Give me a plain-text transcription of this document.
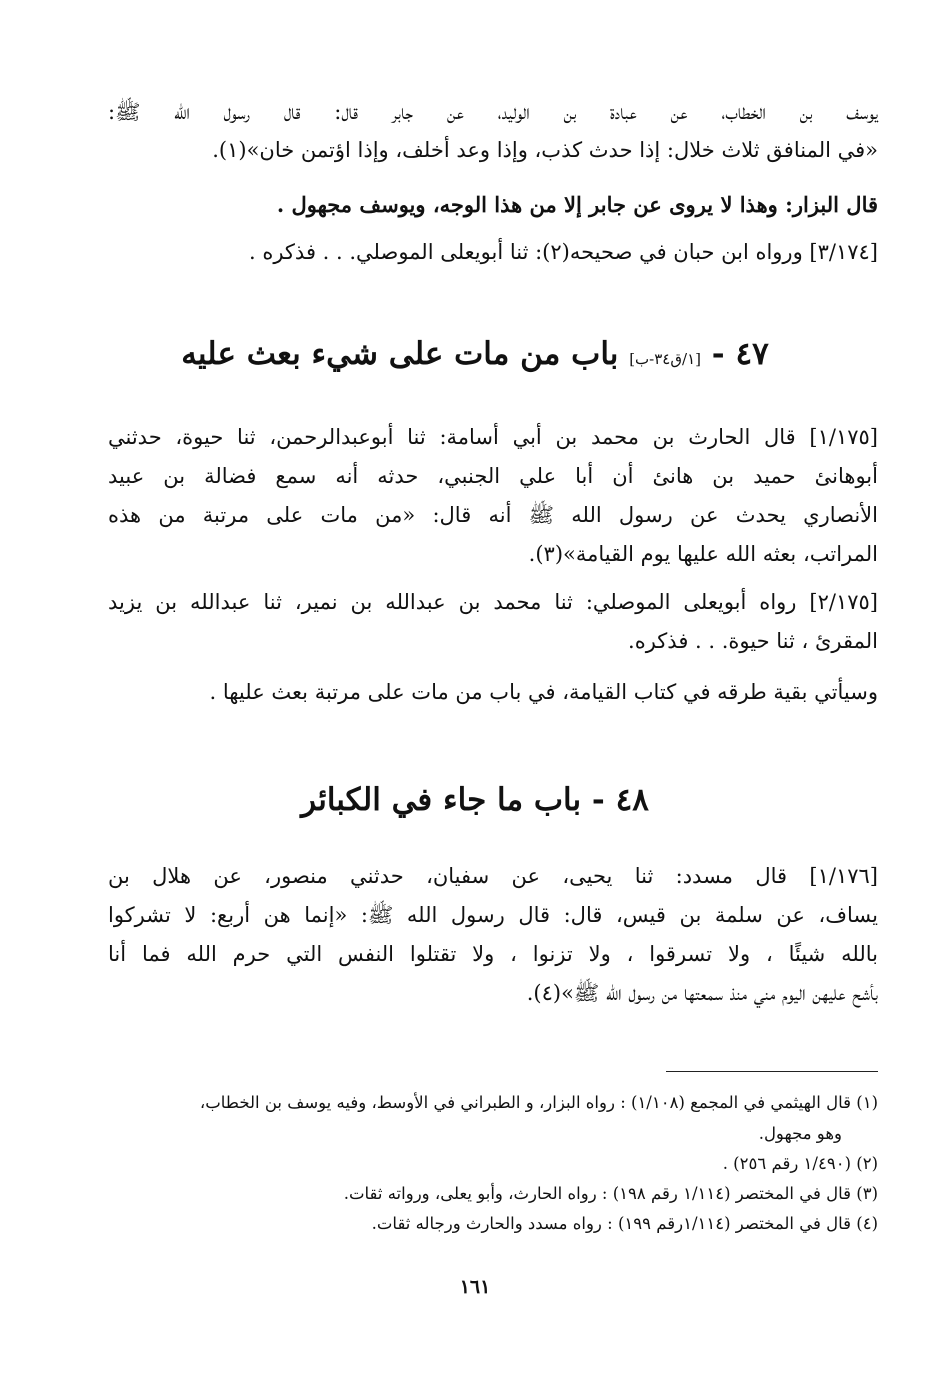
يوسف بن الخطاب، عن عبادة بن الوليد، عن جابر قال: قال رسول الله ﷺ:
«في المنافق ثلاث خلال: إذا حدث كذب، وإذا وعد أخلف، وإذا اؤتمن خان»(١).
قال البزار: وهذا لا يروى عن جابر إلا من هذا الوجه، ويوسف مجهول .
[٣/١٧٤] ورواه ابن حبان في صحيحه(٢): ثنا أبويعلى الموصلي. . . فذكره .
٤٧ - [١/ق٣٤-ب] باب من مات على شيء بعث عليه
[١/١٧٥] قال الحارث بن محمد بن أبي أسامة: ثنا أبوعبدالرحمن، ثنا حيوة، حدثني
أبوهانئ حميد بن هانئ أن أبا علي الجنبي، حدثه أنه سمع فضالة بن عبيد
الأنصاري يحدث عن رسول الله ﷺ أنه قال: «من مات على مرتبة من هذه
المراتب، بعثه الله عليها يوم القيامة»(٣).
[٢/١٧٥] رواه أبويعلى الموصلي: ثنا محمد بن عبدالله بن نمير، ثنا عبدالله بن يزيد
المقرئ ، ثنا حيوة. . . فذكره.
وسيأتي بقية طرقه في كتاب القيامة، في باب من مات على مرتبة بعث عليها .
٤٨ - باب ما جاء في الكبائر
[١/١٧٦] قال مسدد: ثنا يحيى، عن سفيان، حدثني منصور، عن هلال بن
يساف، عن سلمة بن قيس، قال: قال رسول الله ﷺ: «إنما هن أربع: لا تشركوا
بالله شيئًا ، ولا تسرقوا ، ولا تزنوا ، ولا تقتلوا النفس التي حرم الله فما أنا
بأشح عليهن اليوم مني منذ سمعتها من رسول الله ﷺ»(٤).
(١) قال الهيثمي في المجمع (١/١٠٨) : رواه البزار، و الطبراني في الأوسط، وفيه يوسف بن الخطاب،
وهو مجهول.
(٢) (١/٤٩٠ رقم ٢٥٦) .
(٣) قال في المختصر (١/١١٤ رقم ١٩٨) : رواه الحارث، وأبو يعلى، ورواته ثقات.
(٤) قال في المختصر (١/١١٤رقم ١٩٩) : رواه مسدد والحارث ورجاله ثقات.
١٦١
